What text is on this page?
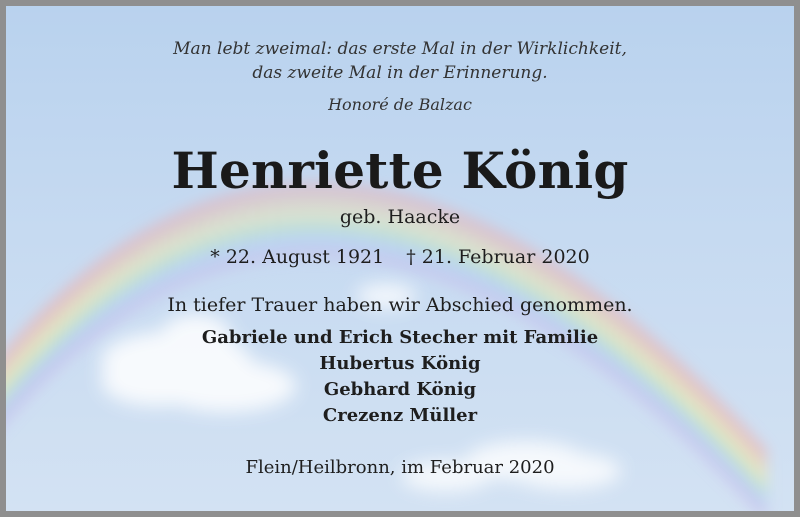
Man lebt zweimal: das erste Mal in der Wirklichkeit,
das zweite Mal in der Erinnerung.
Honoré de Balzac
Henriette König
geb. Haacke
* 22. August 1921 † 21. Februar 2020
In tiefer Trauer haben wir Abschied genommen.
Gabriele und Erich Stecher mit Familie
Hubertus König
Gebhard König
Crezenz Müller
Flein/Heilbronn, im Februar 2020
